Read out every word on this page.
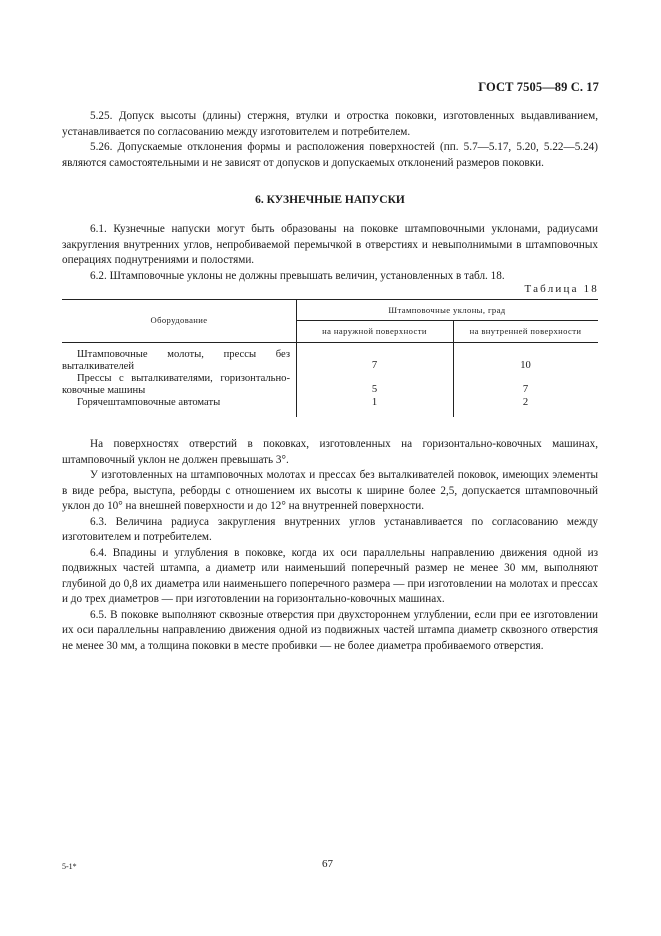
ГОСТ 7505—89 С. 17

5.25. Допуск высоты (длины) стержня, втулки и отростка поковки, изготовленных выдавливанием, устанавливается по согласованию между изготовителем и потребителем.

5.26. Допускаемые отклонения формы и расположения поверхностей (пп. 5.7—5.17, 5.20, 5.22—5.24) являются самостоятельными и не зависят от допусков и допускаемых отклонений размеров поковки.

6. КУЗНЕЧНЫЕ НАПУСКИ

6.1. Кузнечные напуски могут быть образованы на поковке штамповочными уклонами, радиусами закругления внутренних углов, непробиваемой перемычкой в отверстиях и невыполнимыми в штамповочных операциях поднутрениями и полостями.

6.2. Штамповочные уклоны не должны превышать величин, установленных в табл. 18.

Таблица 18
Оборудование
Штамповочные уклоны, град
на наружной поверхности	на внутренней поверхности
Штамповочные молоты, прессы без выталкивателей	7	10
Прессы с выталкивателями, горизонтально-ковочные машины	5	7
Горячештамповочные автоматы	1	2

На поверхностях отверстий в поковках, изготовленных на горизонтально-ковочных машинах, штамповочный уклон не должен превышать 3°.

У изготовленных на штамповочных молотах и прессах без выталкивателей поковок, имеющих элементы в виде ребра, выступа, реборды с отношением их высоты к ширине более 2,5, допускается штамповочный уклон до 10° на внешней поверхности и до 12° на внутренней поверхности.

6.3. Величина радиуса закругления внутренних углов устанавливается по согласованию между изготовителем и потребителем.

6.4. Впадины и углубления в поковке, когда их оси параллельны направлению движения одной из подвижных частей штампа, а диаметр или наименьший поперечный размер не менее 30 мм, выполняют глубиной до 0,8 их диаметра или наименьшего поперечного размера — при изготовлении на молотах и прессах и до трех диаметров — при изготовлении на горизонтально-ковочных машинах.

6.5. В поковке выполняют сквозные отверстия при двухстороннем углублении, если при ее изготовлении их оси параллельны направлению движения одной из подвижных частей штампа диаметр сквозного отверстия не менее 30 мм, а толщина поковки в месте пробивки — не более диаметра пробиваемого отверстия.

5-1*	67
